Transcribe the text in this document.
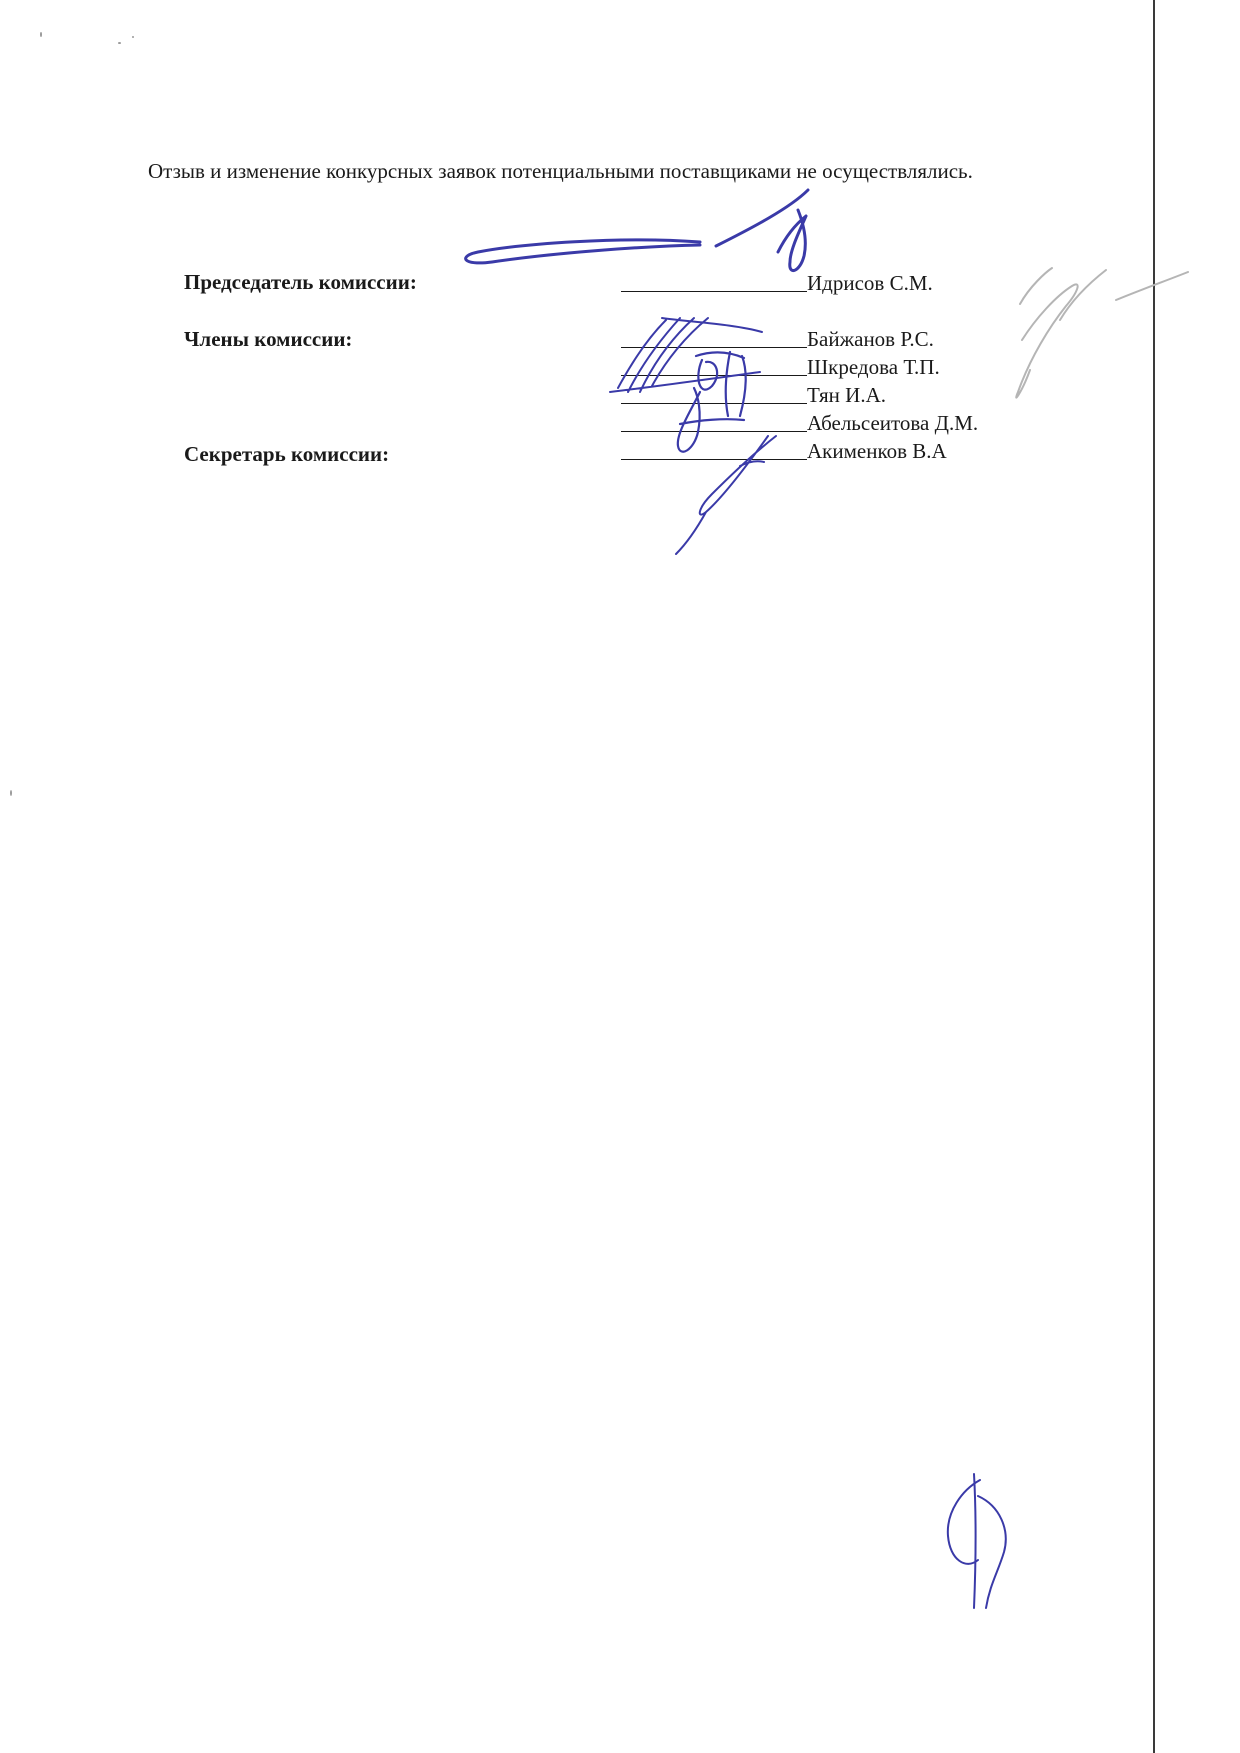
Отзыв и изменение конкурсных заявок потенциальными поставщиками не осуществлялись.
Председатель комиссии:	Идрисов С.М.
Члены комиссии:	Байжанов Р.С.
Шкредова Т.П.
Тян И.А.
Абельсеитова Д.М.
Секретарь комиссии:	Акименков В.А
